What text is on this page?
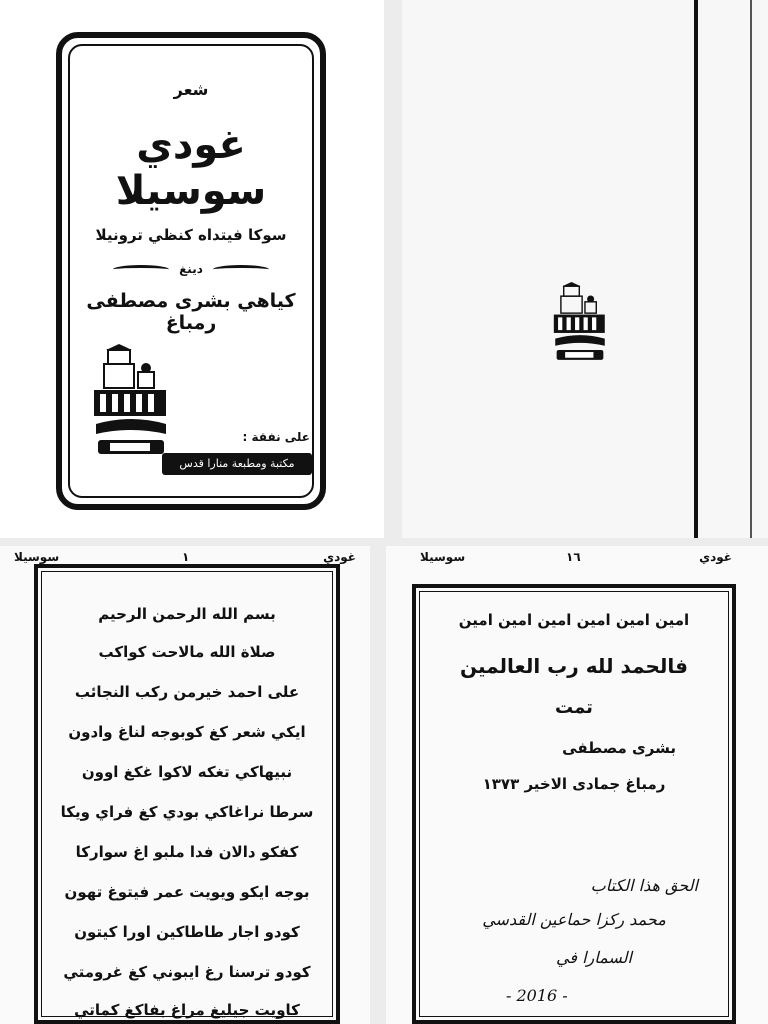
شعر
غودي سوسيلا
سوكا فيتداه كنظي ترونيلا
دينغ
كياهي بشرى مصطفى رمباغ
على نفقة :
مكتبة ومطبعة منارا قدس
سوسيلا	١	غودي
بسم الله الرحمن الرحيم
صلاة الله مالاحت كواكب
على احمد خيرمن ركب النجائب
ايكي شعر كغ كوبوجه لناغ وادون
نبيهاكي تغكه لاكوا غكغ اوون
سرطا نراغاكي بودي كغ فراي ويكا
كفكو دالان فدا ملبو اغ سواركا
بوجه ايكو ويويت عمر فيتوغ تهون
كودو اجار طاطاكين اورا كيتون
كودو ترسنا رغ ايبوني كغ غرومتي
كاويت جيليغ مراغ بفاكغ كماتي
سوسيلا	١٦	غودي
امين امين امين امين امين امين
فالحمد لله رب العالمين
تمت
بشرى مصطفى
رمباغ جمادى الاخير ١٣٧٣
الحق هذا الكتاب
محمد ركزا حماعين القدسي
السمارا في
- 2016 -
